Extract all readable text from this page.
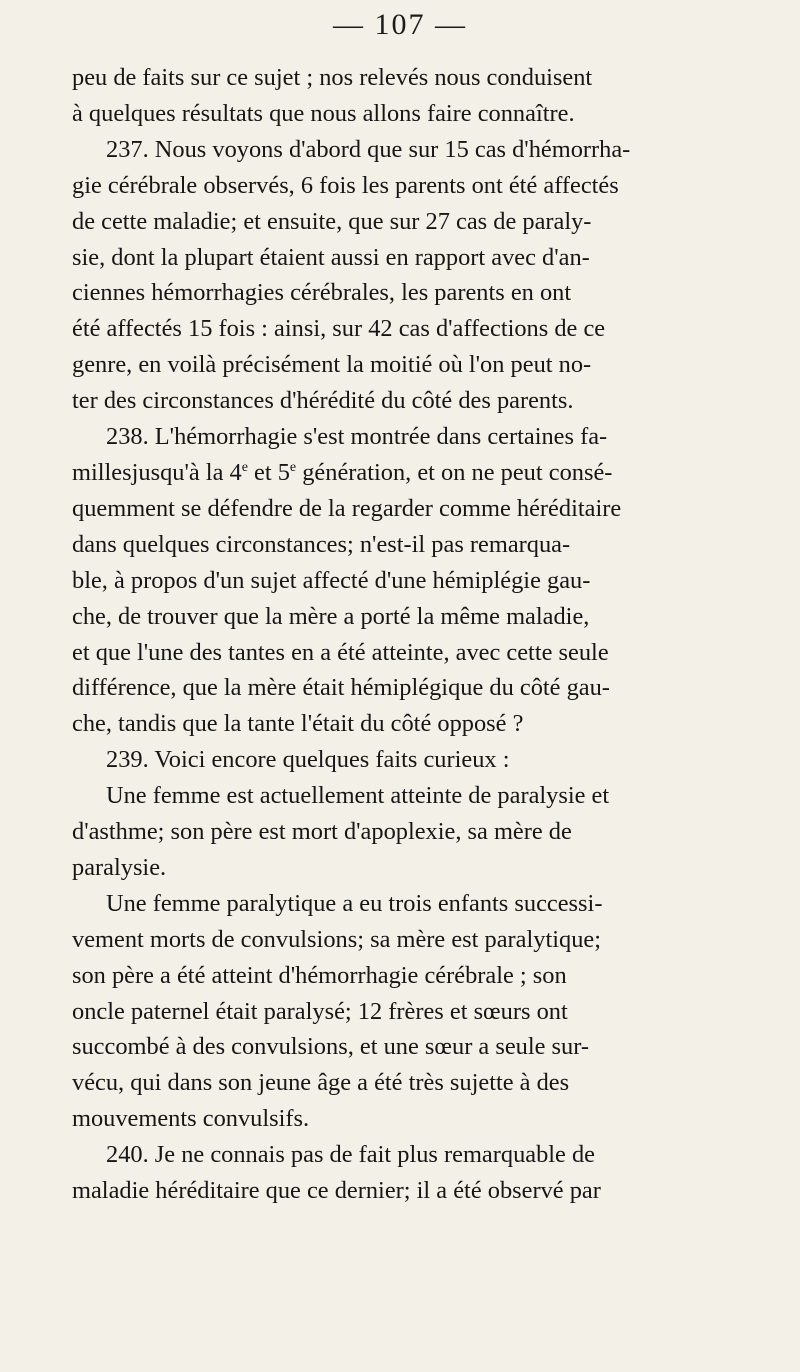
— 107 —

peu de faits sur ce sujet ; nos relevés nous conduisent
à quelques résultats que nous allons faire connaître.

237. Nous voyons d'abord que sur 15 cas d'hémorrha-
gie cérébrale observés, 6 fois les parents ont été affectés
de cette maladie; et ensuite, que sur 27 cas de paraly-
sie, dont la plupart étaient aussi en rapport avec d'an-
ciennes hémorrhagies cérébrales, les parents en ont
été affectés 15 fois : ainsi, sur 42 cas d'affections de ce
genre, en voilà précisément la moitié où l'on peut no-
ter des circonstances d'hérédité du côté des parents.

238. L'hémorrhagie s'est montrée dans certaines fa-
millesjusqu'à la 4e et 5e génération, et on ne peut consé-
quemment se défendre de la regarder comme héréditaire
dans quelques circonstances; n'est-il pas remarqua-
ble, à propos d'un sujet affecté d'une hémiplégie gau-
che, de trouver que la mère a porté la même maladie,
et que l'une des tantes en a été atteinte, avec cette seule
différence, que la mère était hémiplégique du côté gau-
che, tandis que la tante l'était du côté opposé ?

239. Voici encore quelques faits curieux :

Une femme est actuellement atteinte de paralysie et
d'asthme; son père est mort d'apoplexie, sa mère de
paralysie.

Une femme paralytique a eu trois enfants successi-
vement morts de convulsions; sa mère est paralytique;
son père a été atteint d'hémorrhagie cérébrale ; son
oncle paternel était paralysé; 12 frères et sœurs ont
succombé à des convulsions, et une sœur a seule sur-
vécu, qui dans son jeune âge a été très sujette à des
mouvements convulsifs.

240. Je ne connais pas de fait plus remarquable de
maladie héréditaire que ce dernier; il a été observé par
